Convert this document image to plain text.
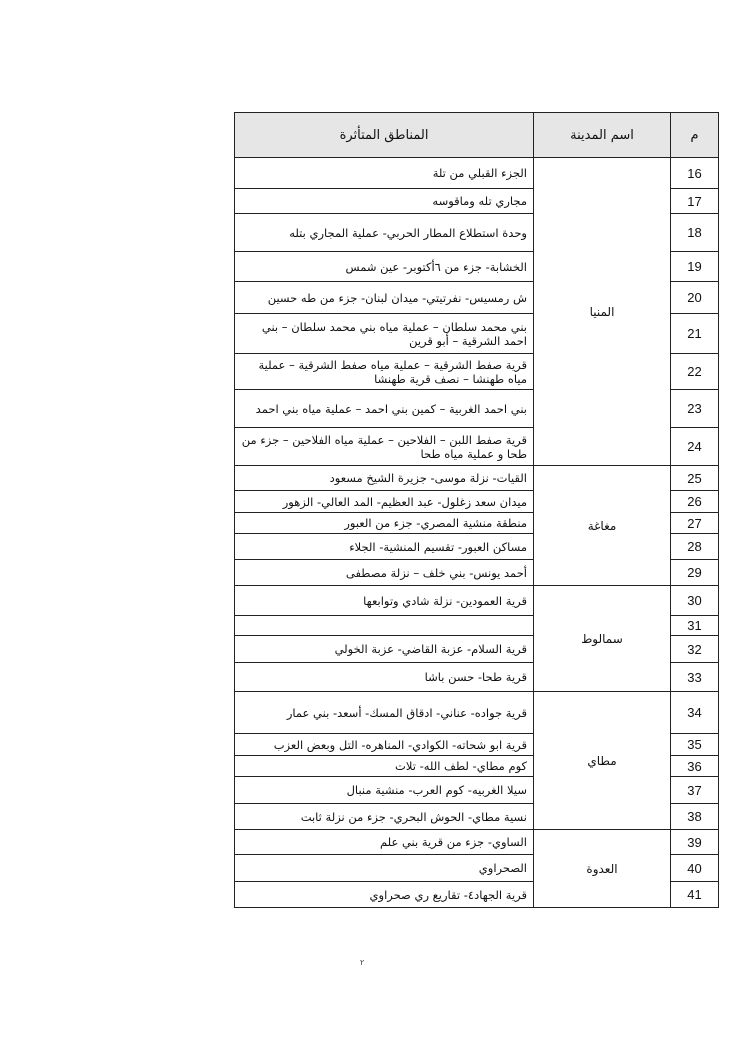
م	اسم المدينة	المناطق المتأثرة
16	المنيا	الجزء القبلي من تلة
17		مجاري تله وماقوسه
18		وحدة استطلاع المطار الحربي- عملية المجاري بتله
19		الخشابة- جزء من ٦أكتوبر- عين شمس
20		ش رمسيس- نفرتيتي- ميدان لبنان- جزء من طه حسين
21		بني محمد سلطان – عملية مياه بني محمد سلطان – بني احمد الشرقية – أبو قرين
22		قرية صفط الشرقية – عملية مياه صفط الشرقية – عملية مياه طهنشا – نصف قرية طهنشا
23		بني احمد الغربية – كمين بني احمد – عملية مياه بني احمد
24		قرية صفط اللبن – الفلاحين – عملية مياه الفلاحين – جزء من طحا و عملية مياه طحا
25	مغاغة	القيات- نزلة موسى- جزيرة الشيخ مسعود
26		ميدان سعد زغلول- عبد العظيم- المد العالي- الزهور
27		منطقة منشية المصري- جزء من العبور
28		مساكن العبور- تقسيم المنشية- الجلاء
29		أحمد يونس- بني خلف – نزلة مصطفى
30	سمالوط	قرية العمودين- نزلة شادي وتوابعها
31		
32		قرية السلام- عزبة القاضي- عزبة الخولي
33		قرية طحا- حسن باشا
34	مطاي	قرية جواده- عناني- ادقاق المسك- أسعد- بني عمار
35		قرية ابو شحاته- الكوادي- المناهره- التل وبعض العزب
36		كوم مطاي- لطف الله- تلات
37		سيلا الغربيه- كوم العرب- منشية منبال
38		نسية مطاي- الحوش البحري- جزء من نزلة ثابت
39	العدوة	الساوي- جزء من قرية بني علم
40		الصحراوي
41		قرية الجهاد٤- تقاريع ري صحراوي
٢
